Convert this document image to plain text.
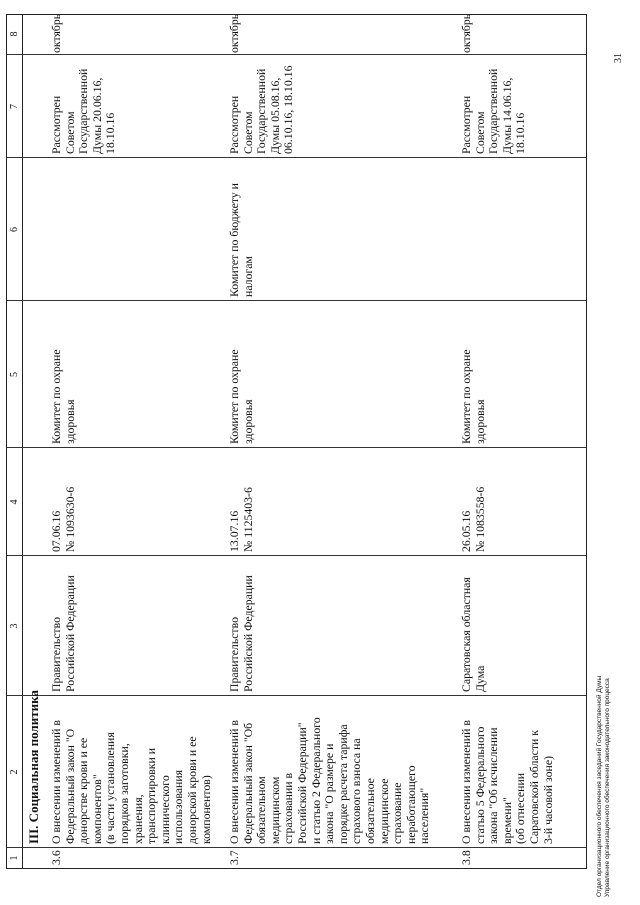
1
2
3
4
5
6
7
8
III. Социальная политика
3.6
О внесении изменений в
Федеральный закон "О
донорстве крови и ее
компонентов"
(в части установления
порядков заготовки,
хранения,
транспортировки и
клинического
использования
донорской крови и ее
компонентов)
Правительство
Российской Федерации
07.06.16
№ 1093630-6
Комитет по охране
здоровья
Рассмотрен
Советом
Государственной
Думы 20.06.16,
18.10.16
октябрь
3.7
О внесении изменений в
Федеральный закон "Об
обязательном
медицинском
страховании в
Российской Федерации"
и статью 2 Федерального
закона "О размере и
порядке расчета тарифа
страхового взноса на
обязательное
медицинское
страхование
неработающего
населения"
Правительство
Российской Федерации
13.07.16
№ 1125403-6
Комитет по охране
здоровья
Комитет по бюджету и
налогам
Рассмотрен
Советом
Государственной
Думы 05.08.16,
06.10.16, 18.10.16
октябрь
3.8
О внесении изменений в
статью 5 Федерального
закона "Об исчислении
времени"
(об отнесении
Саратовской области к
3-й часовой зоне)
Саратовская областная
Дума
26.05.16
№ 1083558-6
Комитет по охране
здоровья
Рассмотрен
Советом
Государственной
Думы 14.06.16,
18.10.16
октябрь
Отдел организационного обеспечения заседаний Государственной Думы
Управление организационного обеспечения законодательного процесса
31
